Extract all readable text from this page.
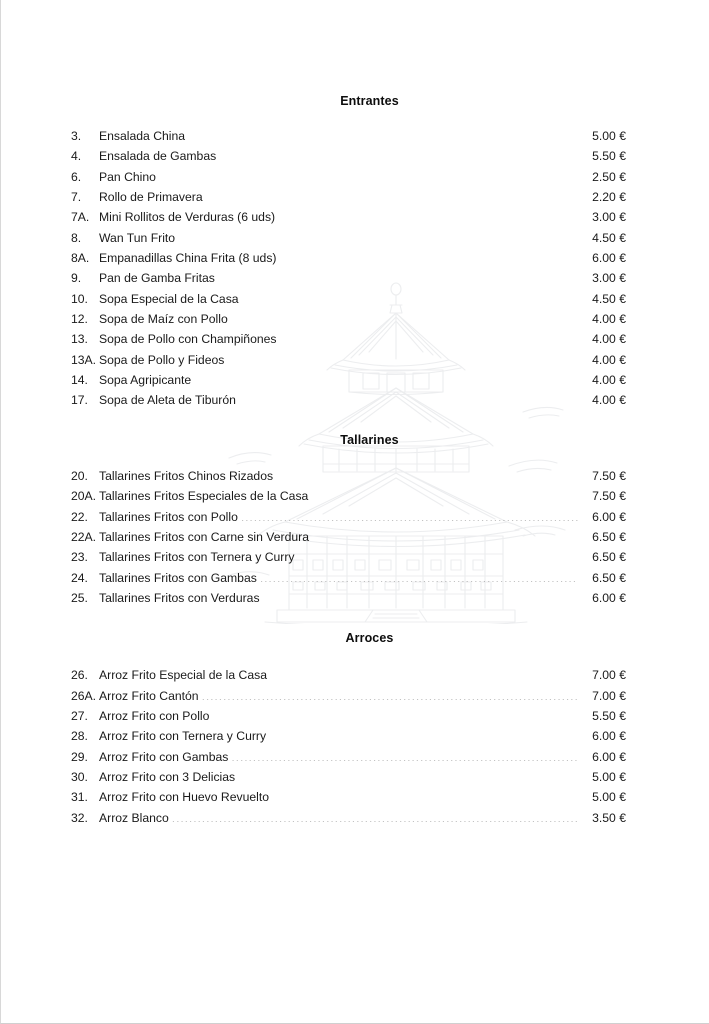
Entrantes
3.	Ensalada China .....	5.00 €
4.	Ensalada de Gambas .....	5.50 €
6.	Pan Chino .....	2.50 €
7.	Rollo de Primavera .....	2.20 €
7A. Mini Rollitos de Verduras (6 uds) .....	3.00 €
8.	Wan Tun Frito .....	4.50 €
8A. Empanadillas China Frita (8 uds) .....	6.00 €
9.	Pan de Gamba Fritas .....	3.00 €
10. Sopa Especial de la Casa .....	4.50 €
12. Sopa de Maíz con Pollo .....	4.00 €
13. Sopa de Pollo con Champiñones .....	4.00 €
13A. Sopa de Pollo y Fideos .....	4.00 €
14. Sopa Agripicante .....	4.00 €
17. Sopa de Aleta de Tiburón .....	4.00 €
Tallarines
20. Tallarines Fritos Chinos Rizados .....	7.50 €
20A. Tallarines Fritos Especiales de la Casa .....	7.50 €
22. Tallarines Fritos con Pollo .....	6.00 €
22A. Tallarines Fritos con Carne sin Verdura .....	6.50 €
23. Tallarines Fritos con Ternera y Curry .....	6.50 €
24. Tallarines Fritos con Gambas .....	6.50 €
25. Tallarines Fritos con Verduras .....	6.00 €
Arroces
26. Arroz Frito Especial de la Casa .....	7.00 €
26A. Arroz Frito Cantón .....	7.00 €
27. Arroz Frito con Pollo .....	5.50 €
28. Arroz Frito con Ternera y Curry .....	6.00 €
29. Arroz Frito con Gambas .....	6.00 €
30. Arroz Frito con 3 Delicias .....	5.00 €
31. Arroz Frito con Huevo Revuelto .....	5.00 €
32. Arroz Blanco .....	3.50 €
